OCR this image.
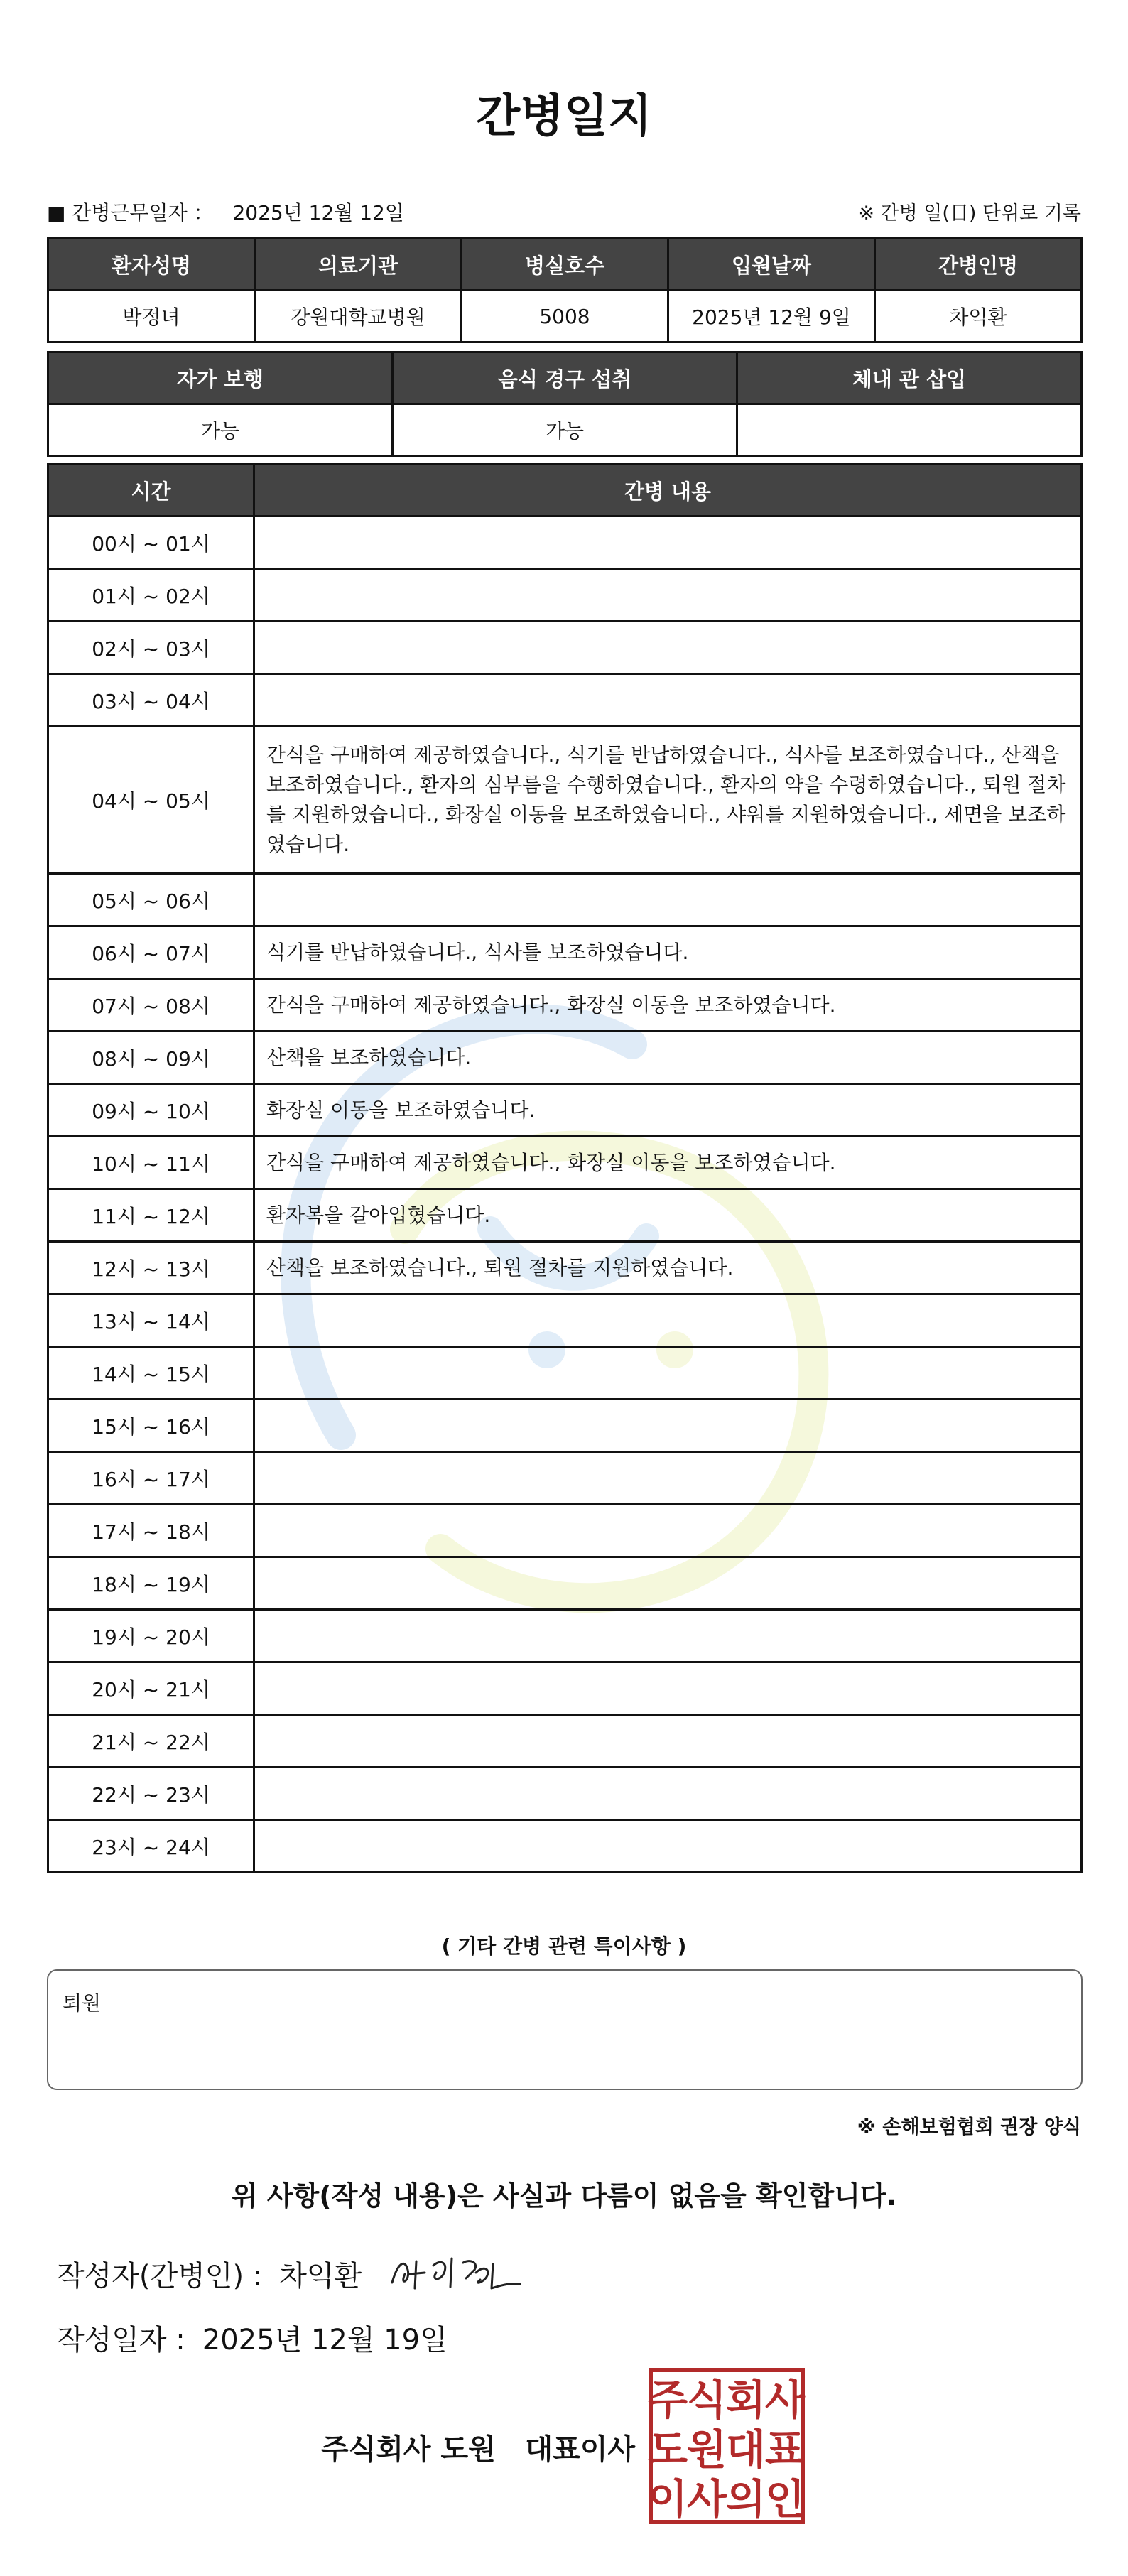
간병일지
■ 간병근무일자 ： 2025년 12월 12일	※ 간병 일(日) 단위로 기록
환자성명	의료기관	병실호수	입원날짜	간병인명
박정녀	강원대학교병원	5008	2025년 12월 9일	차익환
자가 보행	음식 경구 섭취	체내 관 삽입
가능	가능	
시간	간병 내용
00시 ~ 01시	
01시 ~ 02시	
02시 ~ 03시	
03시 ~ 04시	
04시 ~ 05시	간식을 구매하여 제공하였습니다., 식기를 반납하였습니다., 식사를 보조하였습니다., 산책을 보조하였습니다., 환자의 심부름을 수행하였습니다., 환자의 약을 수령하였습니다., 퇴원 절차를 지원하였습니다., 화장실 이동을 보조하였습니다., 샤워를 지원하였습니다., 세면을 보조하였습니다.
05시 ~ 06시	
06시 ~ 07시	식기를 반납하였습니다., 식사를 보조하였습니다.
07시 ~ 08시	간식을 구매하여 제공하였습니다., 화장실 이동을 보조하였습니다.
08시 ~ 09시	산책을 보조하였습니다.
09시 ~ 10시	화장실 이동을 보조하였습니다.
10시 ~ 11시	간식을 구매하여 제공하였습니다., 화장실 이동을 보조하였습니다.
11시 ~ 12시	환자복을 갈아입혔습니다.
12시 ~ 13시	산책을 보조하였습니다., 퇴원 절차를 지원하였습니다.
13시 ~ 14시	
14시 ~ 15시	
15시 ~ 16시	
16시 ~ 17시	
17시 ~ 18시	
18시 ~ 19시	
19시 ~ 20시	
20시 ~ 21시	
21시 ~ 22시	
22시 ~ 23시	
23시 ~ 24시	
( 기타 간병 관련 특이사항 )
퇴원
※ 손해보험협회 권장 양식
위 사항(작성 내용)은 사실과 다름이 없음을 확인합니다.
작성자(간병인) : 차익환
작성일자 : 2025년 12월 19일
주식회사 도원   대표이사
주
식
회
사
도
원
대
표
이
사
의
인
